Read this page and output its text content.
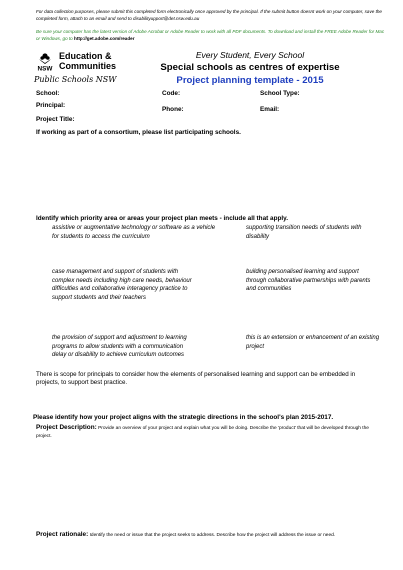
For data collection purposes, please submit this completed form electronically once approved by the principal. If the submit button doesnt work on your computer, save the completed form, attach to an email and send to disabilityupport@det.nsw.edu.au
Be sure your computer has the latest version of Adobe Acrobat or Adobe Reader to work with all PDF documents. To download and install the FREE Adobe Reader for Mac or Windows, go to http://get.adobe.com/reader
NSW
Education &
Communities
Public Schools NSW
Every Student, Every School
Special schools as centres of expertise
Project planning template - 2015
School:	Code:	School Type:
Principal:
Phone:	Email:
Project Title:
If working as part of a consortium, please list participating schools.
Identify which priority area or areas your project plan meets - include all that apply.
assistive or augmentative technology or software as a vehicle for students to access the curriculum
supporting transition needs of students with disability
case management and support of students with complex needs including high care needs, behaviour difficulties and collaborative interagency practice to support students and their teachers
building personalised learning and support through collaborative partnerships with parents and communities
the provision of support and adjustment to learning programs to allow students with a communication delay or disability to achieve curriculum outcomes
this is an extension or enhancement of an existing project
There is scope for principals to consider how the elements of personalised learning and support can be embedded in projects, to support best practice.
Please identify how your project aligns with the strategic directions in the school's plan 2015-2017.
Project Description: Provide an overview of your project and explain what you will be doing. Describe the 'product' that will be developed through the project.
Project rationale: Identify the need or issue that the project seeks to address. Describe how the project will address the issue or need.
